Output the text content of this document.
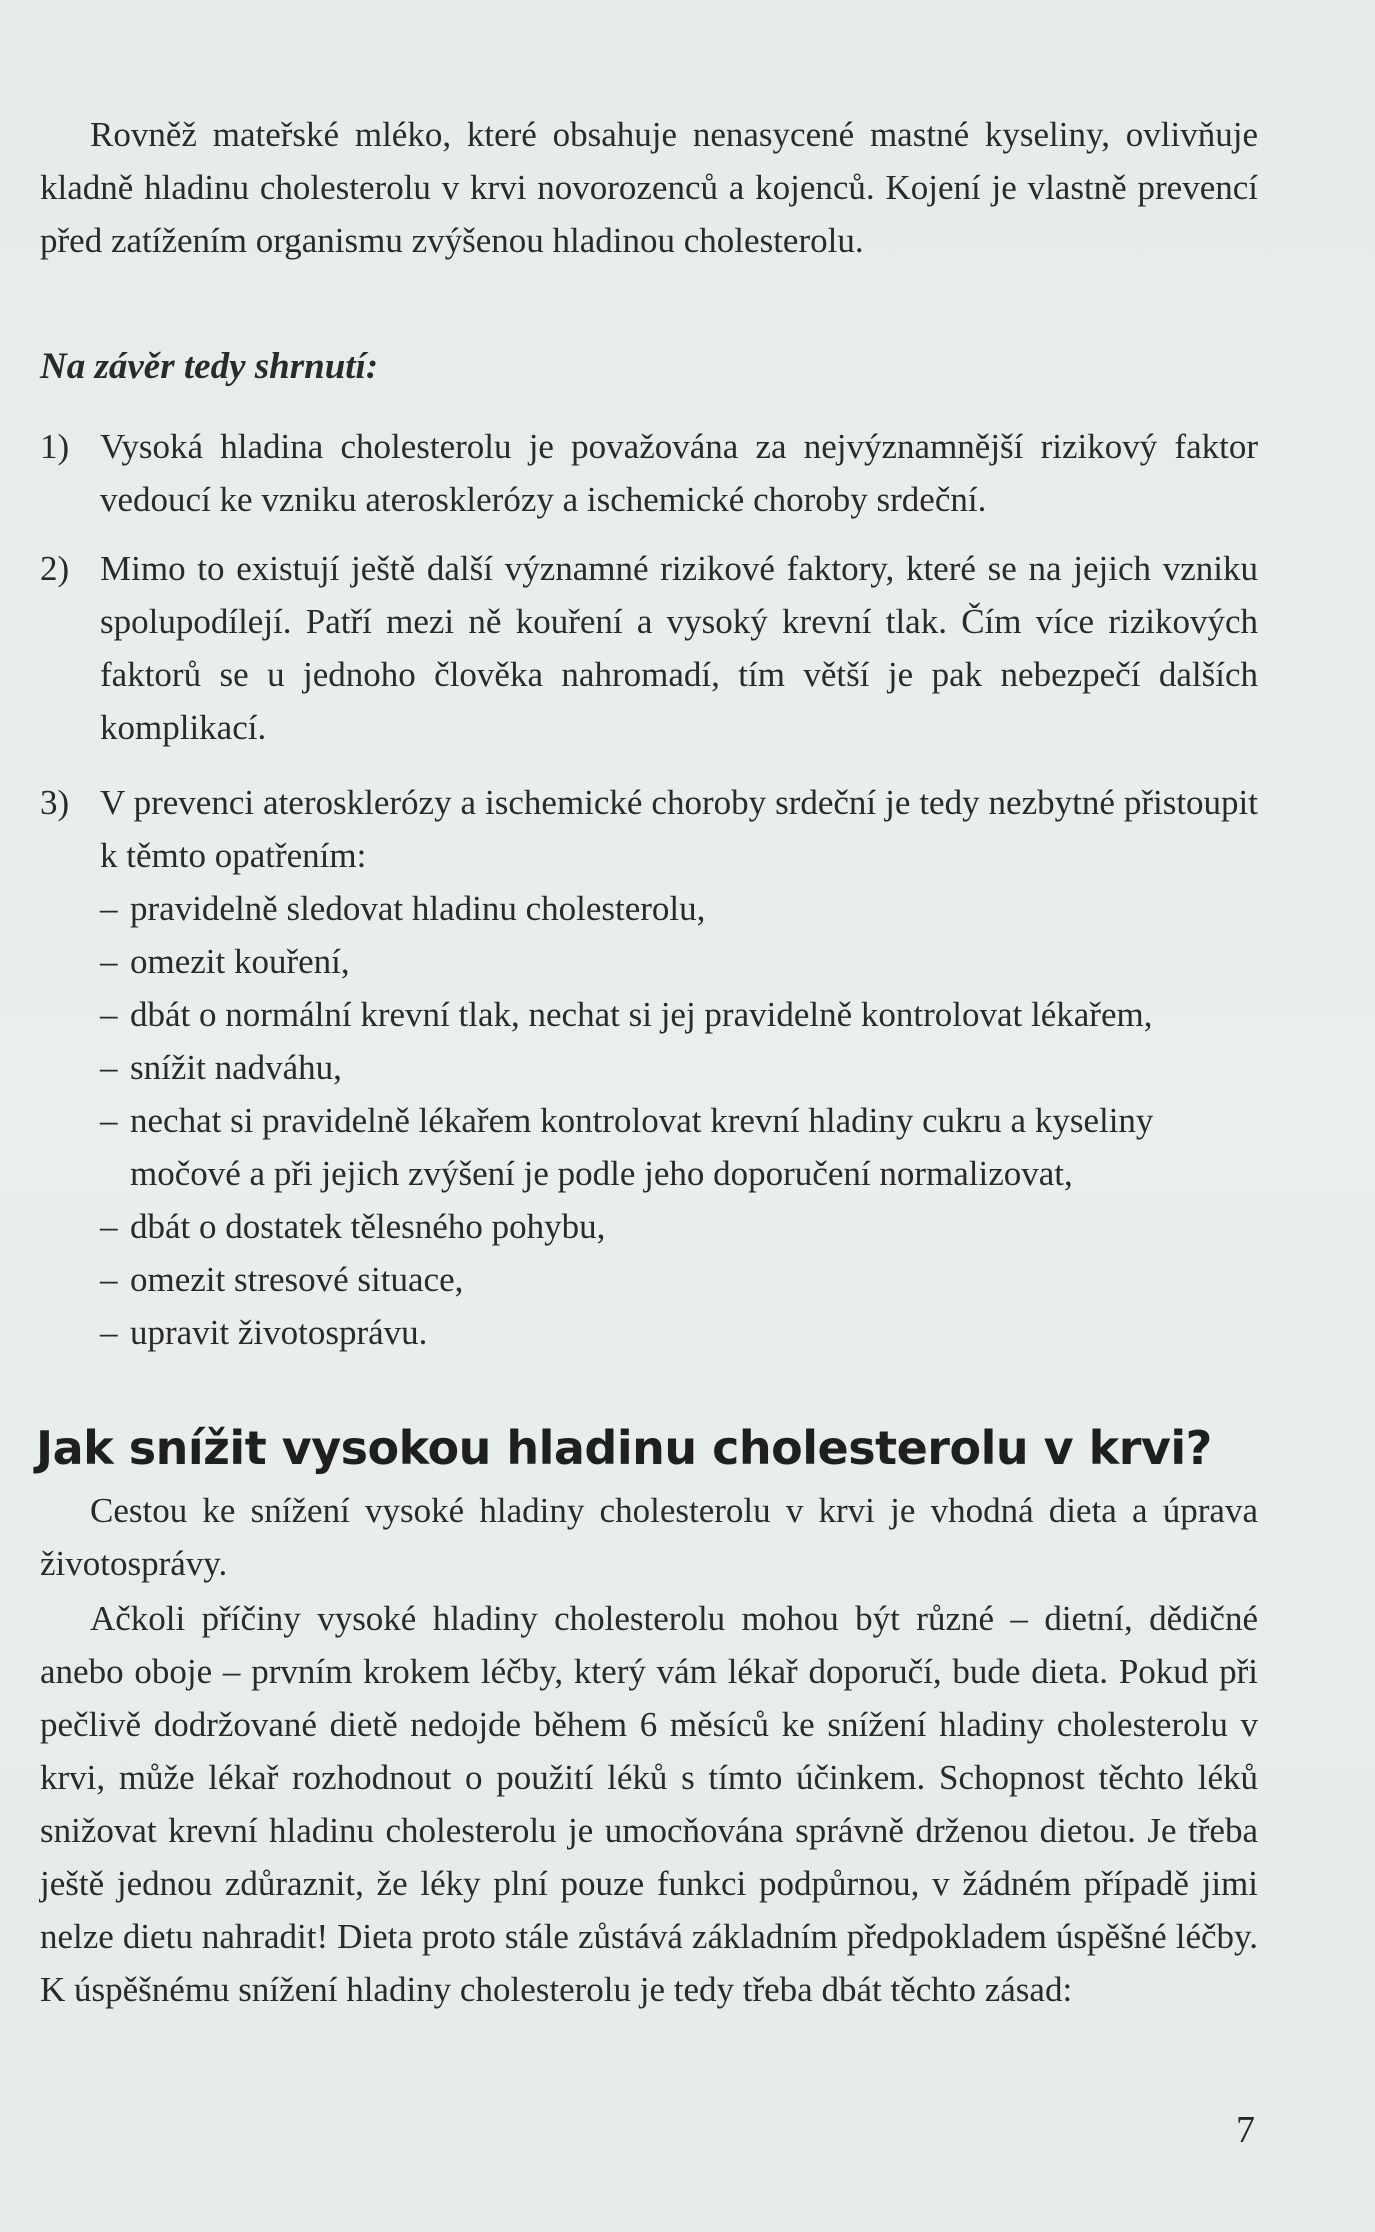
Rovněž mateřské mléko, které obsahuje nenasycené mastné kyseliny, ovlivňuje kladně hladinu cholesterolu v krvi novorozenců a kojenců. Kojení je vlastně prevencí před zatížením organismu zvýšenou hladinou cholesterolu.

Na závěr tedy shrnutí:
1) Vysoká hladina cholesterolu je považována za nejvýznamnější rizikový faktor vedoucí ke vzniku aterosklerózy a ischemické choroby srdeční.
2) Mimo to existují ještě další významné rizikové faktory, které se na jejich vzniku spolupodílejí. Patří mezi ně kouření a vysoký krevní tlak. Čím více rizikových faktorů se u jednoho člověka nahromadí, tím větší je pak nebezpečí dalších komplikací.
3) V prevenci aterosklerózy a ischemické choroby srdeční je tedy nezbytné přistoupit k těmto opatřením:
– pravidelně sledovat hladinu cholesterolu,
– omezit kouření,
– dbát o normální krevní tlak, nechat si jej pravidelně kontrolovat lékařem,
– snížit nadváhu,
– nechat si pravidelně lékařem kontrolovat krevní hladiny cukru a kyseliny močové a při jejich zvýšení je podle jeho doporučení normalizovat,
– dbát o dostatek tělesného pohybu,
– omezit stresové situace,
– upravit životosprávu.
Jak snížit vysokou hladinu cholesterolu v krvi?

Cestou ke snížení vysoké hladiny cholesterolu v krvi je vhodná dieta a úprava životosprávy.

Ačkoli příčiny vysoké hladiny cholesterolu mohou být různé – dietní, dědičné anebo oboje – prvním krokem léčby, který vám lékař doporučí, bude dieta. Pokud při pečlivě dodržované dietě nedojde během 6 měsíců ke snížení hladiny cholesterolu v krvi, může lékař rozhodnout o použití léků s tímto účinkem. Schopnost těchto léků snižovat krevní hladinu cholesterolu je umocňována správně drženou dietou. Je třeba ještě jednou zdůraznit, že léky plní pouze funkci podpůrnou, v žádném případě jimi nelze dietu nahradit! Dieta proto stále zůstává základním předpokladem úspěšné léčby. K úspěšnému snížení hladiny cholesterolu je tedy třeba dbát těchto zásad:

7
